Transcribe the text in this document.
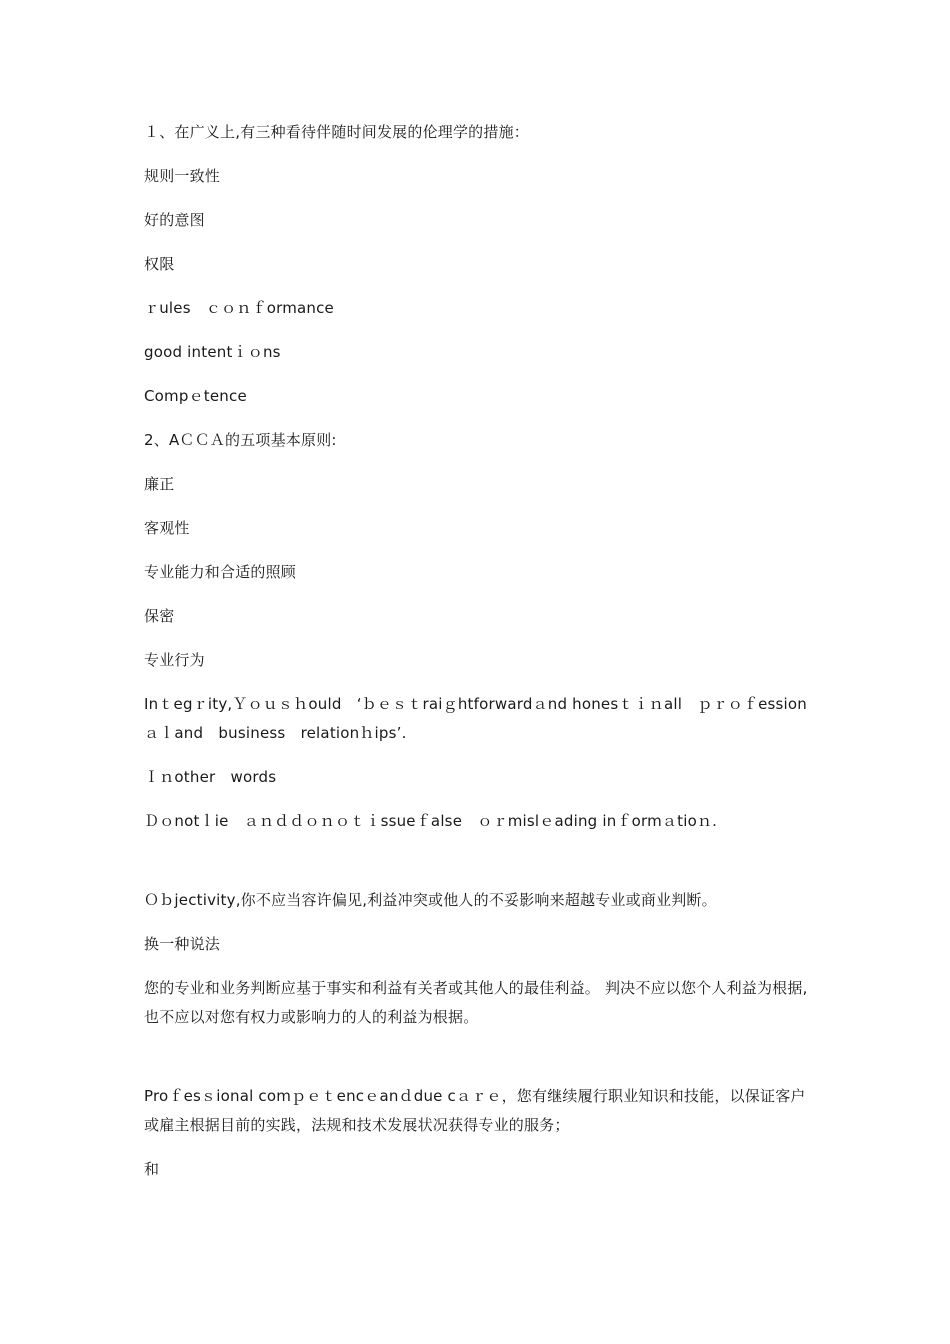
１、在广义上,有三种看待伴随时间发展的伦理学的措施：

规则一致性

好的意图

权限

ｒules　ｃｏｎｆormance

good intentｉｏns

Compｅtence

2、AＣＣＡ的五项基本原则:

廉正

客观性

专业能力和合适的照顾

保密

专业行为

Inｔegｒity,Ｙｏｕｓｈould　‘ｂｅｓｔraiｇhtforwardａnd honesｔｉｎall　ｐｒｏｆessionａｌand　business　relationｈips’.

Ｉｎother　words

Ｄｏnotｌie　ａｎｄｄｏｎｏｔｉssueｆalse　ｏｒmislｅading inｆormａtioｎ.

Ｏｂjectivity,你不应当容许偏见,利益冲突或他人的不妥影响来超越专业或商业判断。

换一种说法

您的专业和业务判断应基于事实和利益有关者或其他人的最佳利益。 判决不应以您个人利益为根据,也不应以对您有权力或影响力的人的利益为根据。

Proｆesｓional comｐｅｔencｅanｄdue cａｒｅ，您有继续履行职业知识和技能，以保证客户或雇主根据目前的实践，法规和技术发展状况获得专业的服务；

和
